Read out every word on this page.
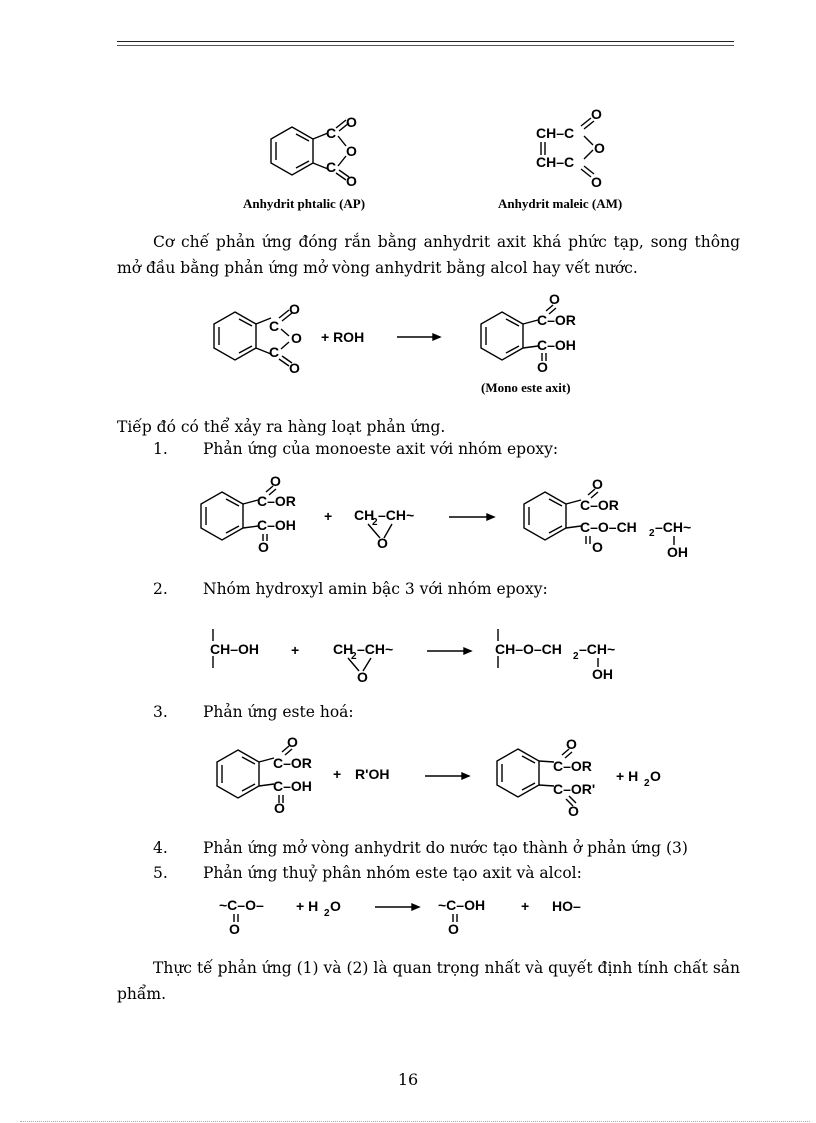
C
C
O
O
O
Anhydrit phtalic (AP)
CH–C
CH–C
O
O
O
Anhydrit maleic (AM)
C
C
O
O
O
+ ROH
C–OR
C–OH
O
O
(Mono este axit)
C–OR
C–OH
O
O
+ CH
2 –CH~
O
C–OR
C–O–CH 2 –CH~
O
O	OH
CH–OH + CH
2 –CH~
O
CH–O–CH 2 –CH~
OH
C–OR
C–OH
O
O
+ R'OH	C–OR
C–OR'
O
O
+ H 2 O
~C–O–
O
+ H 2 O	~C–OH
O
+ HO–
Cơ chế phản ứng đóng rắn bằng anhydrit axit khá phức tạp, song thông mở đầu bằng phản ứng mở vòng anhydrit bằng alcol hay vết nước.
Tiếp đó có thể xảy ra hàng loạt phản ứng.
1. Phản ứng của monoeste axit với nhóm epoxy:
2. Nhóm hydroxyl amin bậc 3 với nhóm epoxy:
3. Phản ứng este hoá:
4. Phản ứng mở vòng anhydrit do nước tạo thành ở phản ứng (3)
5. Phản ứng thuỷ phân nhóm este tạo axit và alcol:
Thực tế phản ứng (1) và (2) là quan trọng nhất và quyết định tính chất sản phẩm.
16
